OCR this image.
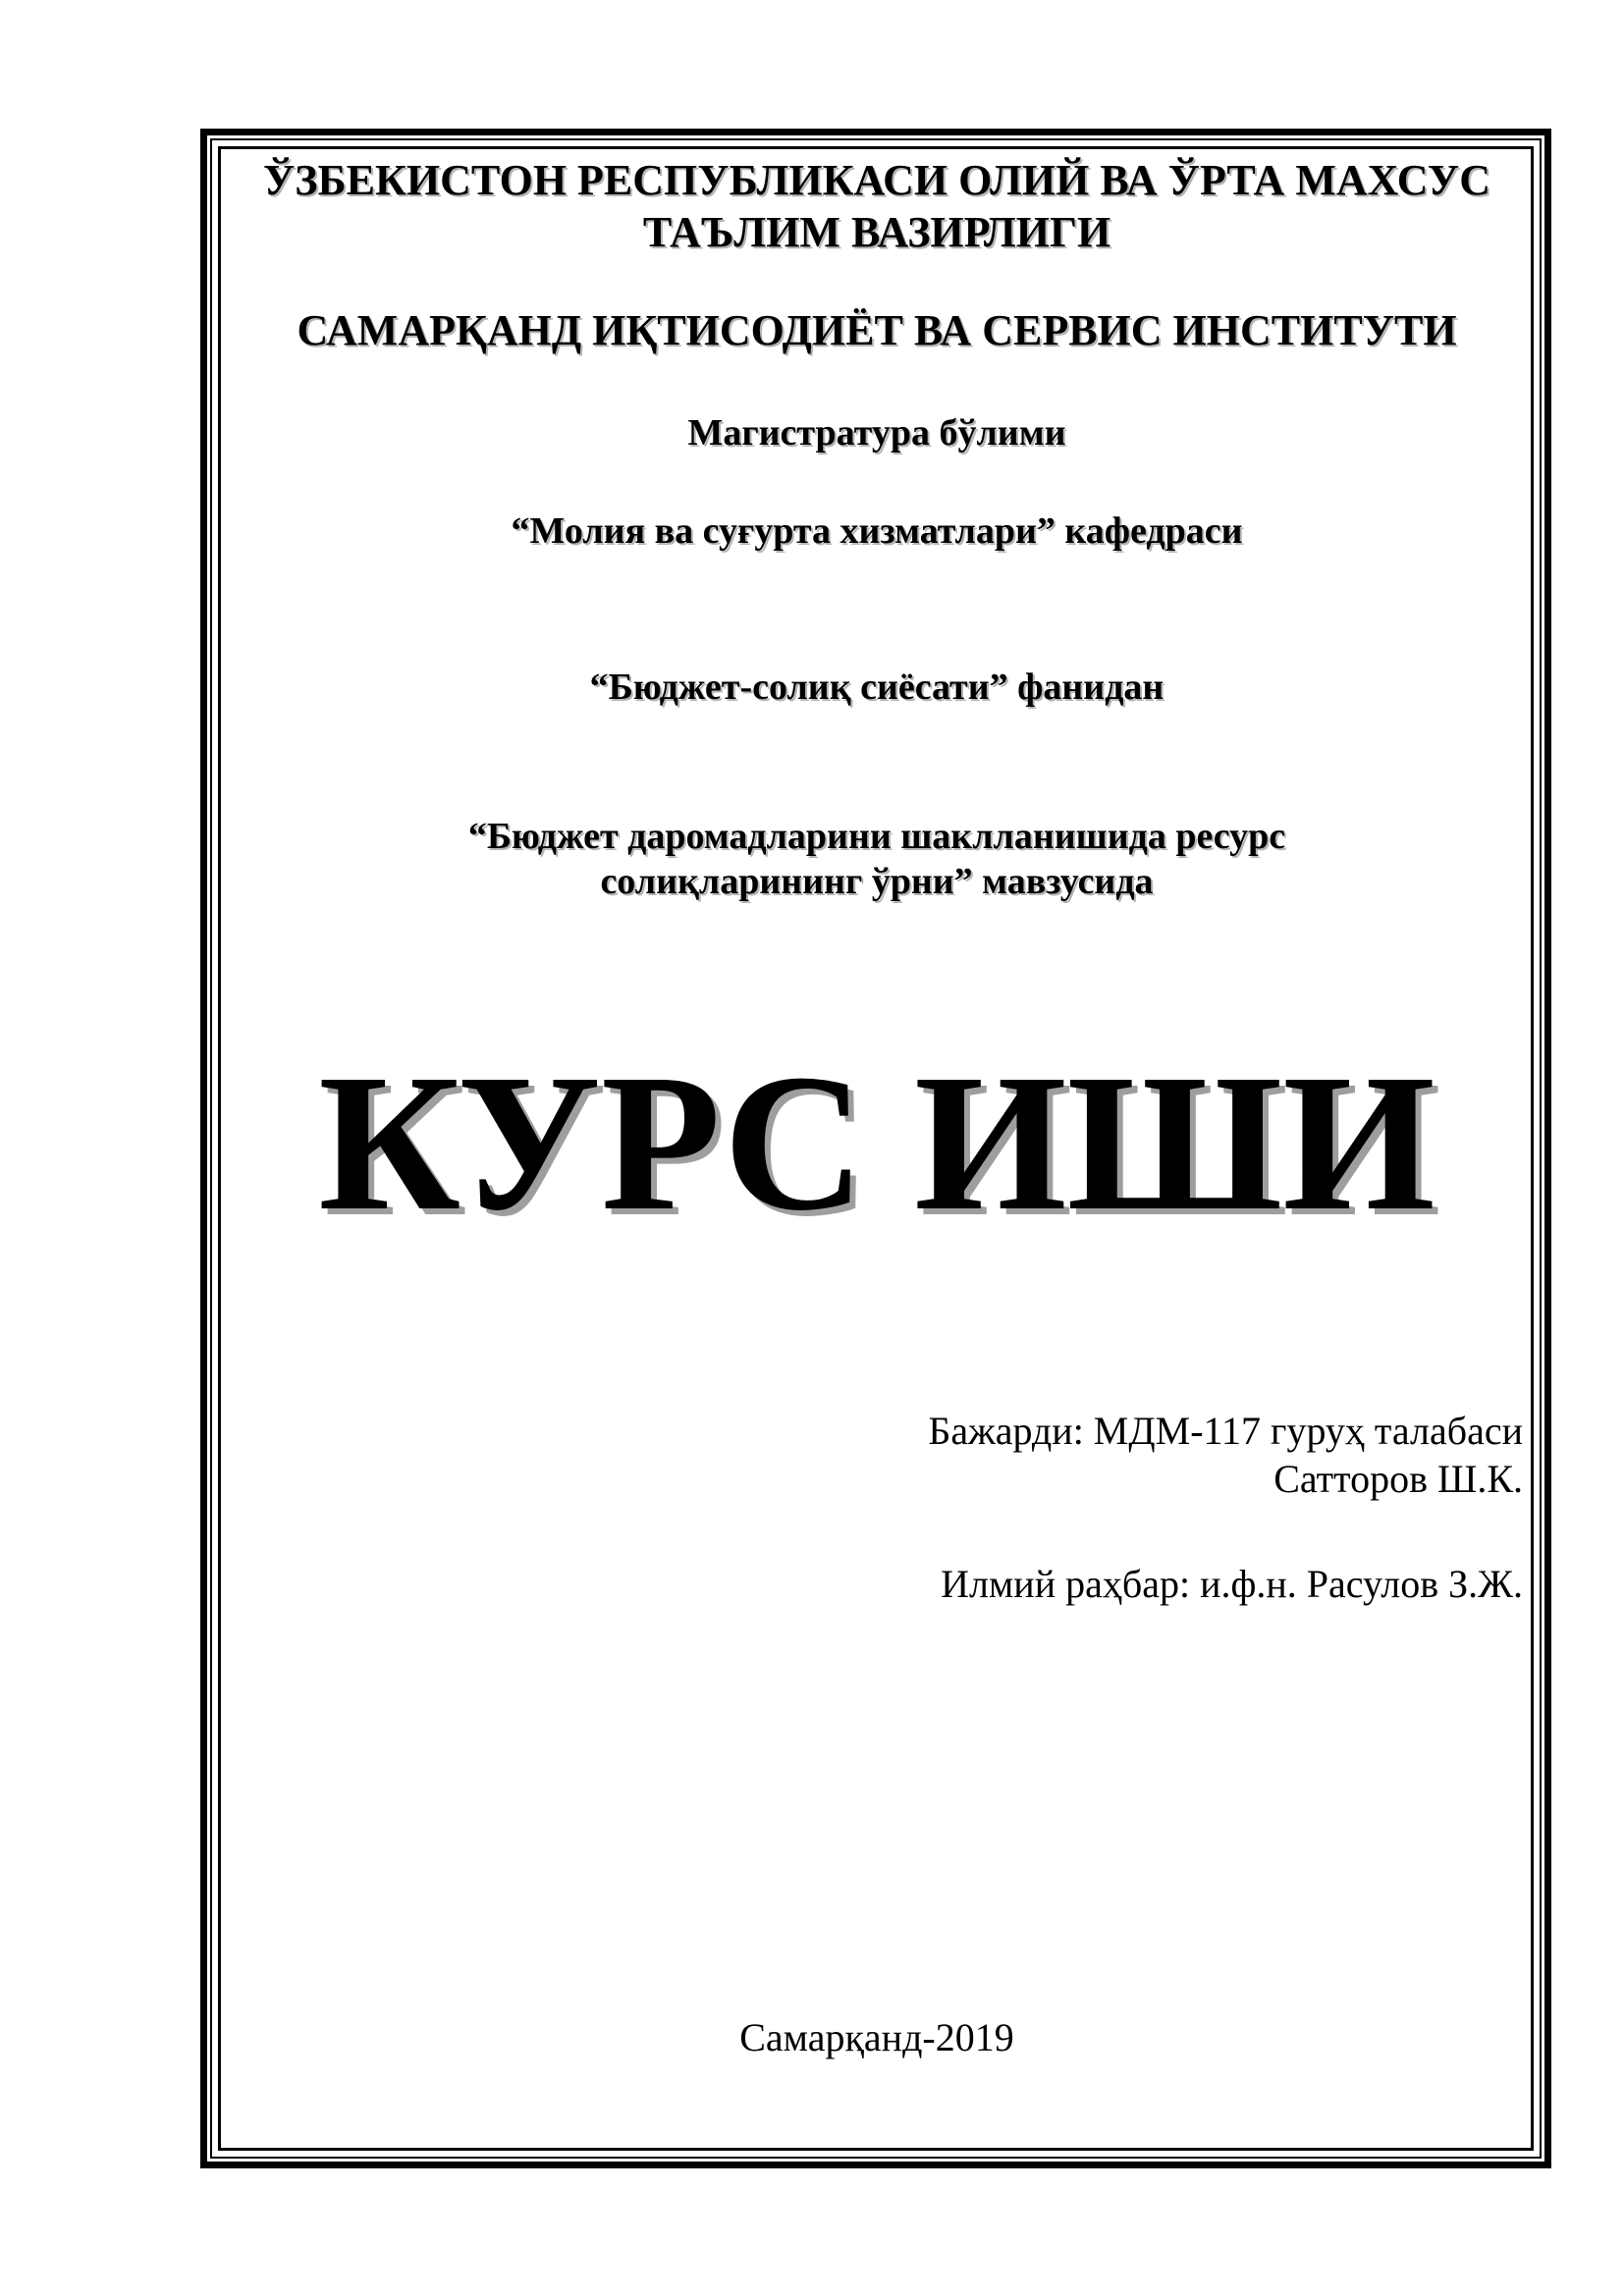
ЎЗБЕКИСТОН РЕСПУБЛИКАСИ ОЛИЙ ВА ЎРТА МАХСУС
ТАЪЛИМ ВАЗИРЛИГИ
САМАРҚАНД ИҚТИСОДИЁТ ВА СЕРВИС ИНСТИТУТИ
Магистратура бўлими
“Молия ва суғурта хизматлари” кафедраси
“Бюджет-солиқ сиёсати” фанидан
“Бюджет даромадларини шаклланишида ресурс
солиқларининг ўрни” мавзусида
КУРС ИШИ
Бажарди: МДМ-117 гуруҳ талабаси
Сатторов Ш.К.
Илмий раҳбар: и.ф.н. Расулов З.Ж.
Самарқанд-2019
